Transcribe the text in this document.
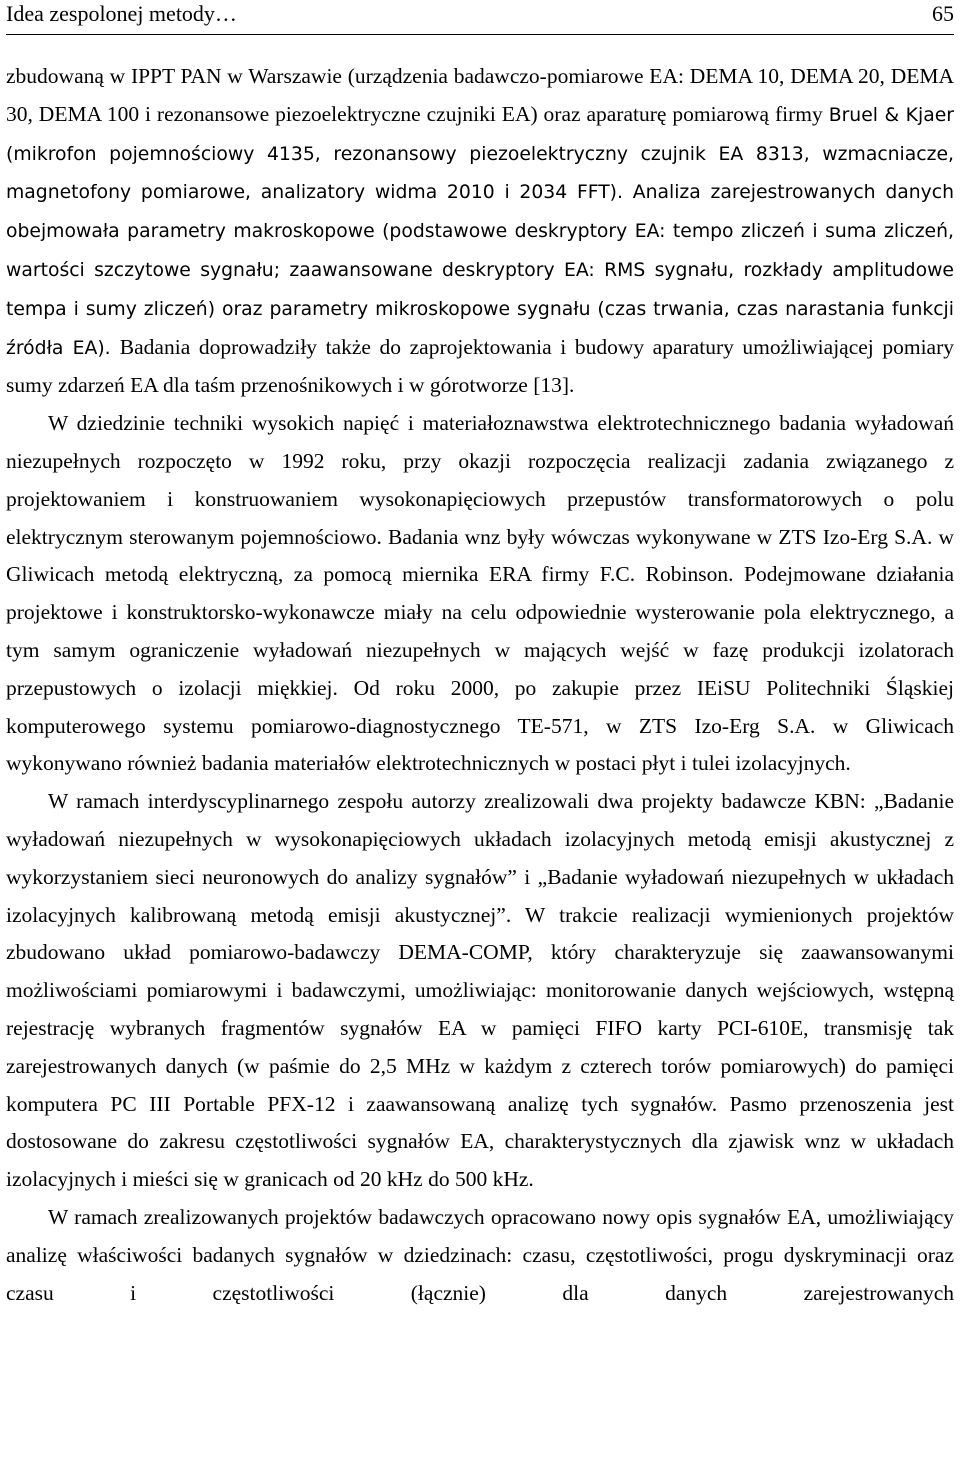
Idea zespolonej metody…	65

zbudowaną w IPPT PAN w Warszawie (urządzenia badawczo-pomiarowe EA: DEMA 10, DEMA 20, DEMA 30, DEMA 100 i rezonansowe piezoelektryczne czujniki EA) oraz aparaturę pomiarową firmy Bruel & Kjaer (mikrofon pojemnościowy 4135, rezonansowy piezoelektryczny czujnik EA 8313, wzmacniacze, magnetofony pomiarowe, analizatory widma 2010 i 2034 FFT). Analiza zarejestrowanych danych obejmowała parametry makroskopowe (podstawowe deskryptory EA: tempo zliczeń i suma zliczeń, wartości szczytowe sygnału; zaawansowane deskryptory EA: RMS sygnału, rozkłady amplitudowe tempa i sumy zliczeń) oraz parametry mikroskopowe sygnału (czas trwania, czas narastania funkcji źródła EA). Badania doprowadziły także do zaprojektowania i budowy aparatury umożliwiającej pomiary sumy zdarzeń EA dla taśm przenośnikowych i w górotworze [13].

W dziedzinie techniki wysokich napięć i materiałoznawstwa elektrotechnicznego badania wyładowań niezupełnych rozpoczęto w 1992 roku, przy okazji rozpoczęcia realizacji zadania związanego z projektowaniem i konstruowaniem wysokonapięciowych przepustów transformatorowych o polu elektrycznym sterowanym pojemnościowo. Badania wnz były wówczas wykonywane w ZTS Izo-Erg S.A. w Gliwicach metodą elektryczną, za pomocą miernika ERA firmy F.C. Robinson. Podejmowane działania projektowe i konstruktorsko-wykonawcze miały na celu odpowiednie wysterowanie pola elektrycznego, a tym samym ograniczenie wyładowań niezupełnych w mających wejść w fazę produkcji izolatorach przepustowych o izolacji miękkiej. Od roku 2000, po zakupie przez IEiSU Politechniki Śląskiej komputerowego systemu pomiarowo-diagnostycznego TE-571, w ZTS Izo-Erg S.A. w Gliwicach wykonywano również badania materiałów elektrotechnicznych w postaci płyt i tulei izolacyjnych.

W ramach interdyscyplinarnego zespołu autorzy zrealizowali dwa projekty badawcze KBN: „Badanie wyładowań niezupełnych w wysokonapięciowych układach izolacyjnych metodą emisji akustycznej z wykorzystaniem sieci neuronowych do analizy sygnałów” i „Badanie wyładowań niezupełnych w układach izolacyjnych kalibrowaną metodą emisji akustycznej”. W trakcie realizacji wymienionych projektów zbudowano układ pomiarowo-badawczy DEMA-COMP, który charakteryzuje się zaawansowanymi możliwościami pomiarowymi i badawczymi, umożliwiając: monitorowanie danych wejściowych, wstępną rejestrację wybranych fragmentów sygnałów EA w pamięci FIFO karty PCI-610E, transmisję tak zarejestrowanych danych (w paśmie do 2,5 MHz w każdym z czterech torów pomiarowych) do pamięci komputera PC III Portable PFX-12 i zaawansowaną analizę tych sygnałów. Pasmo przenoszenia jest dostosowane do zakresu częstotliwości sygnałów EA, charakterystycznych dla zjawisk wnz w układach izolacyjnych i mieści się w granicach od 20 kHz do 500 kHz.

W ramach zrealizowanych projektów badawczych opracowano nowy opis sygnałów EA, umożliwiający analizę właściwości badanych sygnałów w dziedzinach: czasu, częstotliwości, progu dyskryminacji oraz czasu i częstotliwości (łącznie) dla danych zarejestrowanych
